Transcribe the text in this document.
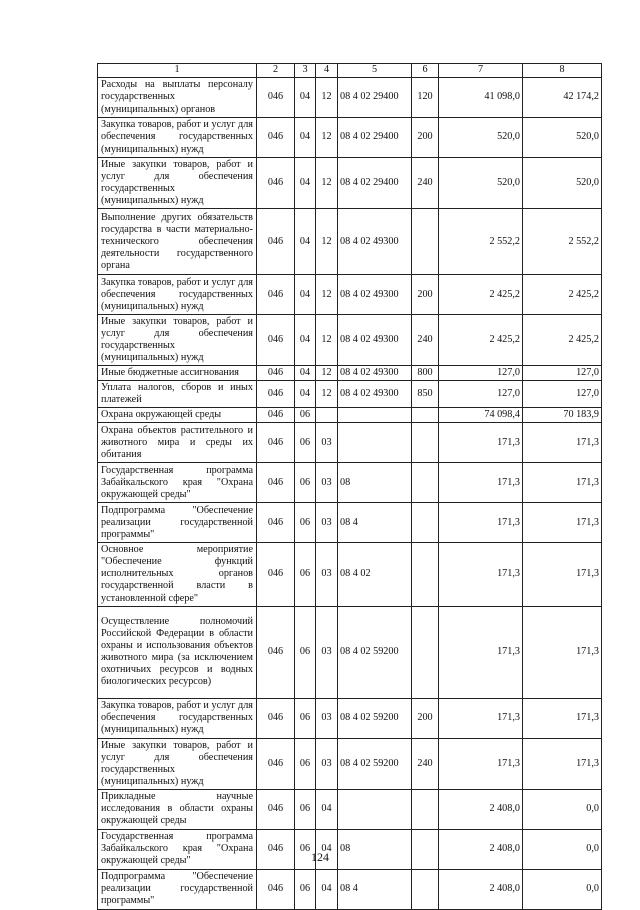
1	2	3	4	5	6	7	8
Расходы на выплаты персоналу государственных (муниципальных) органов	046	04	12	08 4 02 29400	120	41 098,0	42 174,2
Закупка товаров, работ и услуг для обеспечения государственных (муниципальных) нужд	046	04	12	08 4 02 29400	200	520,0	520,0
Иные закупки товаров, работ и услуг для обеспечения государственных (муниципальных) нужд	046	04	12	08 4 02 29400	240	520,0	520,0
Выполнение других обязательств государства в части материально-технического обеспечения деятельности государственного органа	046	04	12	08 4 02 49300		2 552,2	2 552,2
Закупка товаров, работ и услуг для обеспечения государственных (муниципальных) нужд	046	04	12	08 4 02 49300	200	2 425,2	2 425,2
Иные закупки товаров, работ и услуг для обеспечения государственных (муниципальных) нужд	046	04	12	08 4 02 49300	240	2 425,2	2 425,2
Иные бюджетные ассигнования	046	04	12	08 4 02 49300	800	127,0	127,0
Уплата налогов, сборов и иных платежей	046	04	12	08 4 02 49300	850	127,0	127,0
Охрана окружающей среды	046	06				74 098,4	70 183,9
Охрана объектов растительного и животного мира и среды их обитания	046	06	03			171,3	171,3
Государственная программа Забайкальского края "Охрана окружающей среды"	046	06	03	08		171,3	171,3
Подпрограмма "Обеспечение реализации государственной программы"	046	06	03	08 4		171,3	171,3
Основное мероприятие "Обеспечение функций исполнительных органов государственной власти в установленной сфере"	046	06	03	08 4 02		171,3	171,3
Осуществление полномочий Российской Федерации в области охраны и использования объектов животного мира (за исключением охотничьих ресурсов и водных биологических ресурсов)	046	06	03	08 4 02 59200		171,3	171,3
Закупка товаров, работ и услуг для обеспечения государственных (муниципальных) нужд	046	06	03	08 4 02 59200	200	171,3	171,3
Иные закупки товаров, работ и услуг для обеспечения государственных (муниципальных) нужд	046	06	03	08 4 02 59200	240	171,3	171,3
Прикладные научные исследования в области охраны окружающей среды	046	06	04			2 408,0	0,0
Государственная программа Забайкальского края "Охрана окружающей среды"	046	06	04	08		2 408,0	0,0
Подпрограмма "Обеспечение реализации государственной программы"	046	06	04	08 4		2 408,0	0,0
124
